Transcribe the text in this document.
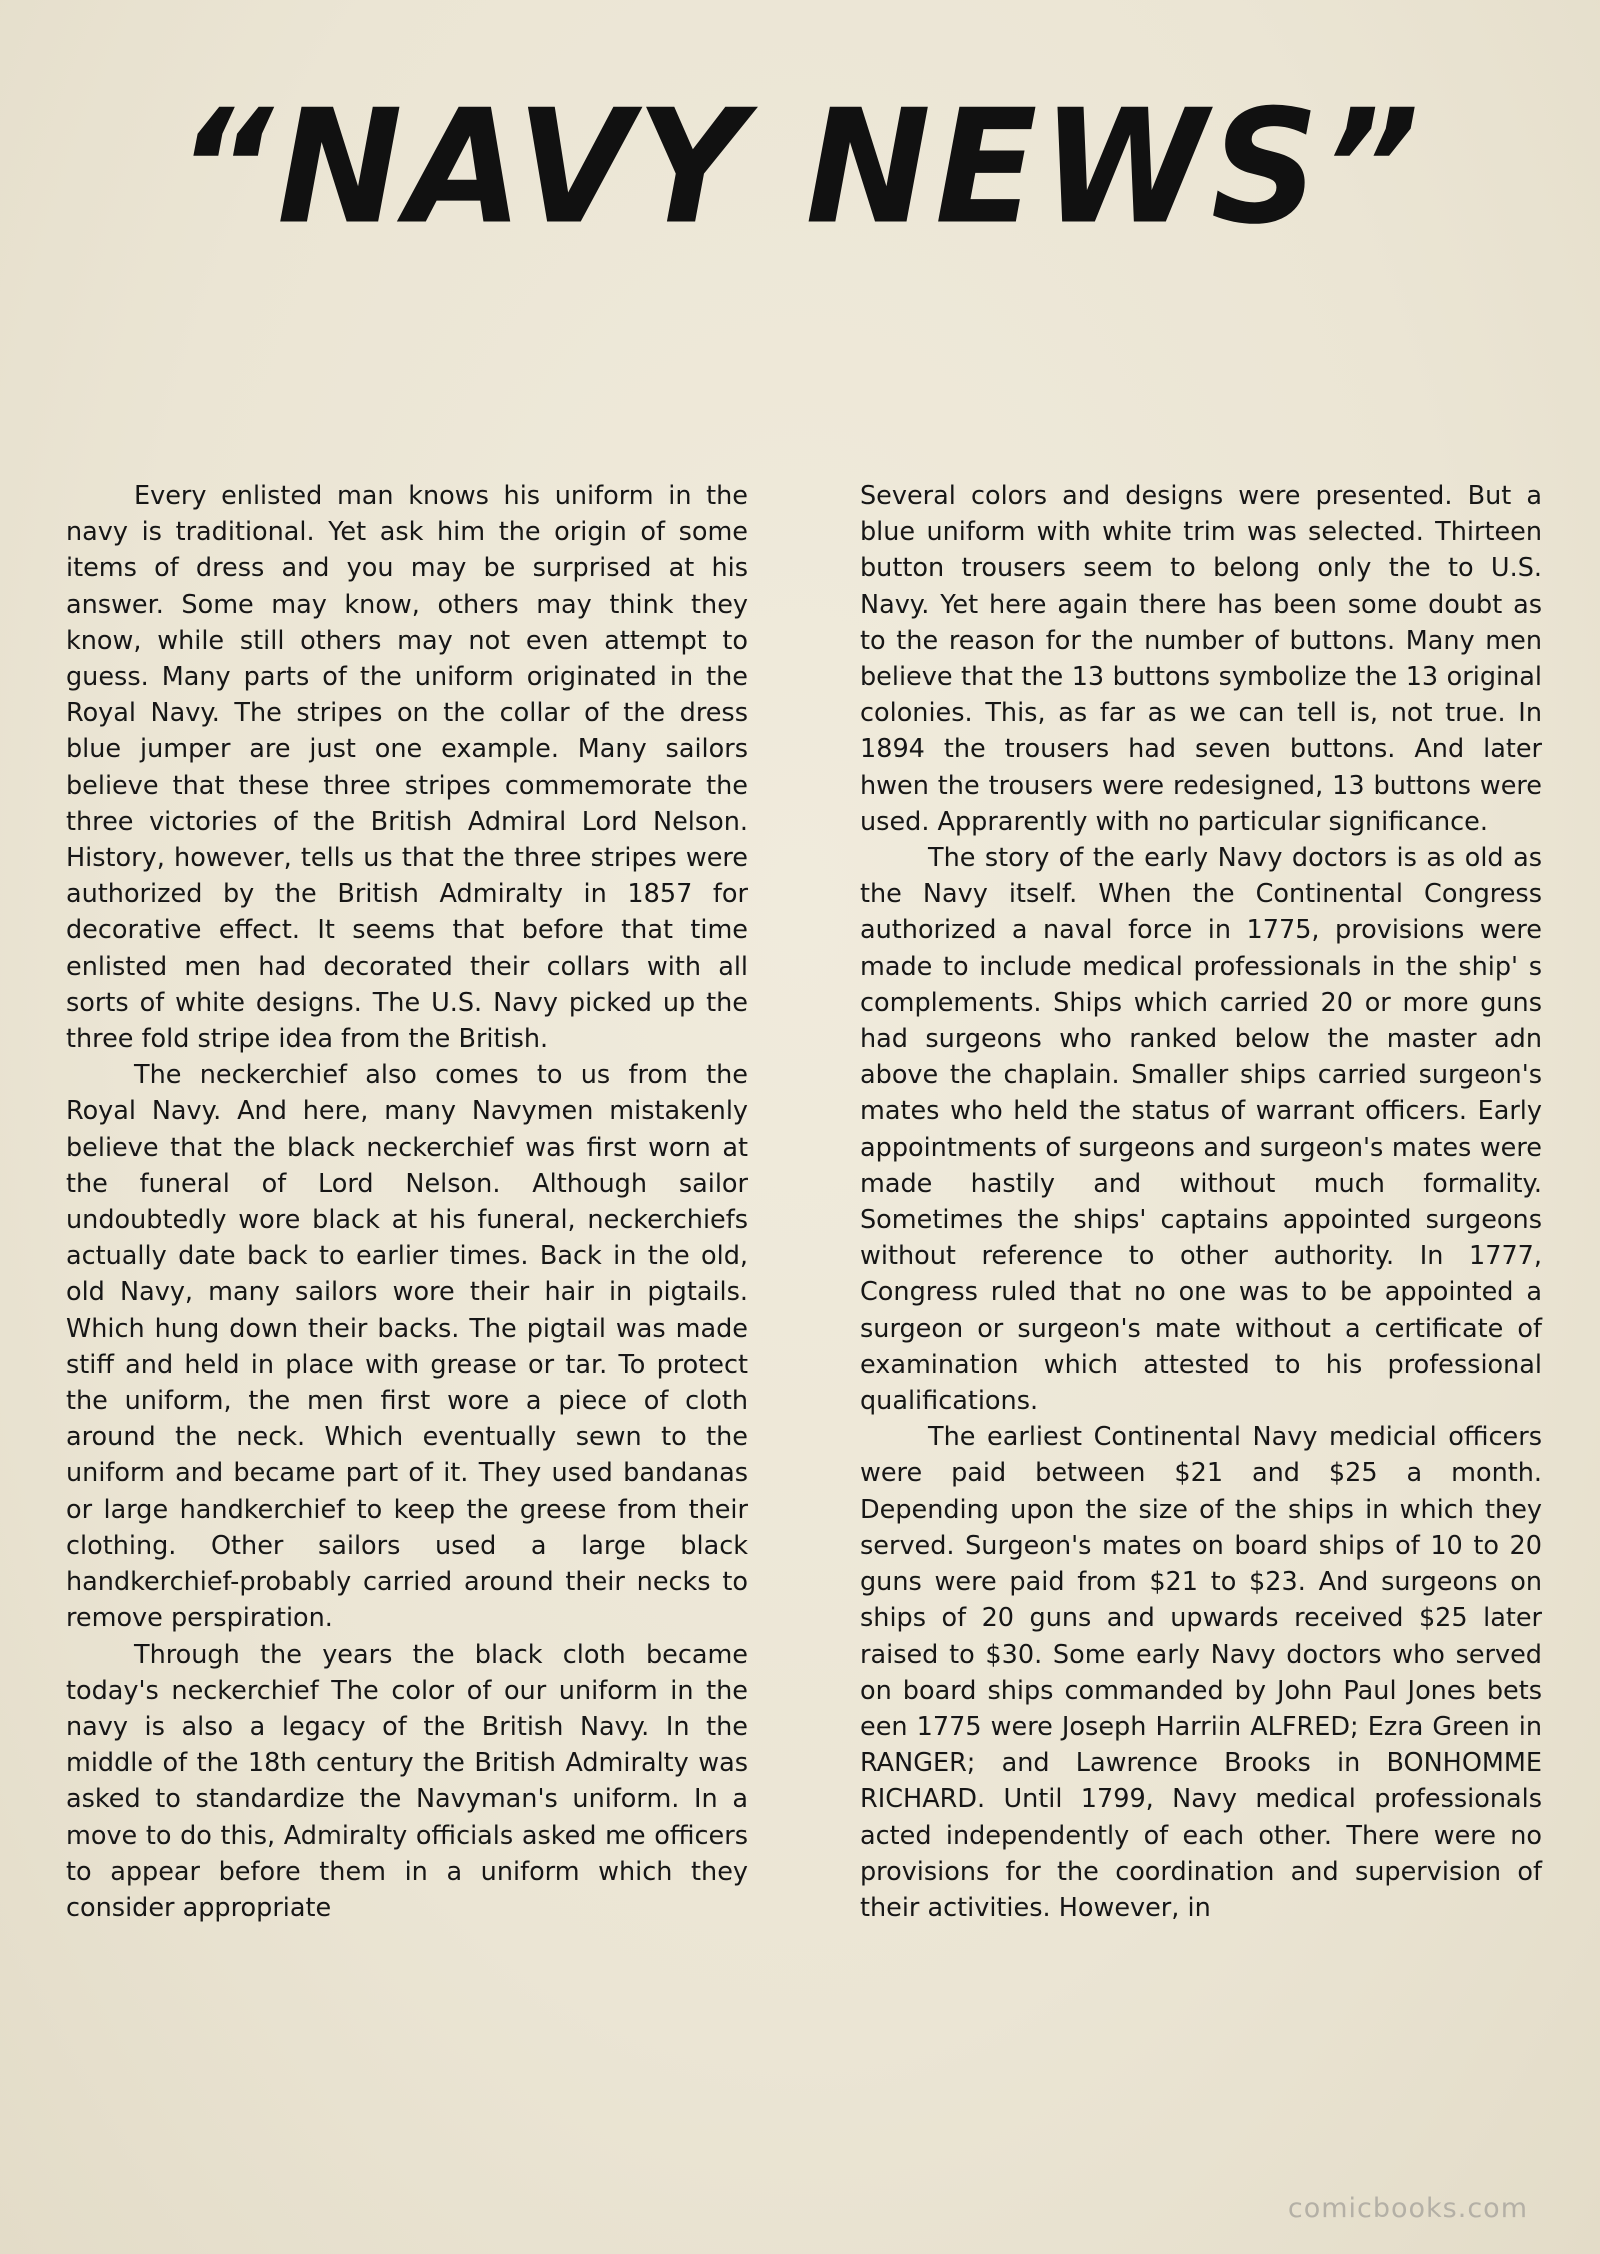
“NAVY NEWS”

Every enlisted man knows his uniform in the navy is traditional. Yet ask him the origin of some items of dress and you may be surprised at his answer. Some may know, others may think they know, while still others may not even attempt to guess. Many parts of the uniform originated in the Royal Navy. The stripes on the collar of the dress blue jumper are just one example. Many sailors believe that these three stripes commemorate the three victories of the British Admiral Lord Nelson. History, however, tells us that the three stripes were authorized by the British Admiralty in 1857 for decorative effect. It seems that before that time enlisted men had decorated their collars with all sorts of white designs. The U.S. Navy picked up the three fold stripe idea from the British.

The neckerchief also comes to us from the Royal Navy. And here, many Navymen mistakenly believe that the black neckerchief was first worn at the funeral of Lord Nelson. Although sailor undoubtedly wore black at his funeral, neckerchiefs actually date back to earlier times. Back in the old, old Navy, many sailors wore their hair in pigtails. Which hung down their backs. The pigtail was made stiff and held in place with grease or tar. To protect the uniform, the men first wore a piece of cloth around the neck. Which eventually sewn to the uniform and became part of it. They used bandanas or large handkerchief to keep the greese from their clothing. Other sailors used a large black handkerchief-probably carried around their necks to remove perspiration.

Through the years the black cloth became today's neckerchief The color of our uniform in the navy is also a legacy of the British Navy. In the middle of the 18th century the British Admiralty was asked to standardize the Navyman's uniform. In a move to do this, Admiralty officials asked me officers to appear before them in a uniform which they consider appropriate

Several colors and designs were presented. But a blue uniform with white trim was selected. Thirteen button trousers seem to belong only the to U.S. Navy. Yet here again there has been some doubt as to the reason for the number of buttons. Many men believe that the 13 buttons symbolize the 13 original colonies. This, as far as we can tell is, not true. In 1894 the trousers had seven buttons. And later hwen the trousers were redesigned, 13 buttons were used. Apprarently with no particular significance.

The story of the early Navy doctors is as old as the Navy itself. When the Continental Congress authorized a naval force in 1775, provisions were made to include medical professionals in the ship' s complements. Ships which carried 20 or more guns had surgeons who ranked below the master adn above the chaplain. Smaller ships carried surgeon's mates who held the status of warrant officers. Early appointments of surgeons and surgeon's mates were made hastily and without much formality. Sometimes the ships' captains appointed surgeons without reference to other authority. In 1777, Congress ruled that no one was to be appointed a surgeon or surgeon's mate without a certificate of examination which attested to his professional qualifications.

The earliest Continental Navy medicial officers were paid between $21 and $25 a month. Depending upon the size of the ships in which they served. Surgeon's mates on board ships of 10 to 20 guns were paid from $21 to $23. And surgeons on ships of 20 guns and upwards received $25 later raised to $30. Some early Navy doctors who served on board ships commanded by John Paul Jones bets een 1775 were Joseph Harriin ALFRED; Ezra Green in RANGER; and Lawrence Brooks in BONHOMME RICHARD. Until 1799, Navy medical professionals acted independently of each other. There were no provisions for the coordination and supervision of their activities. However, in

comicbooks.com
